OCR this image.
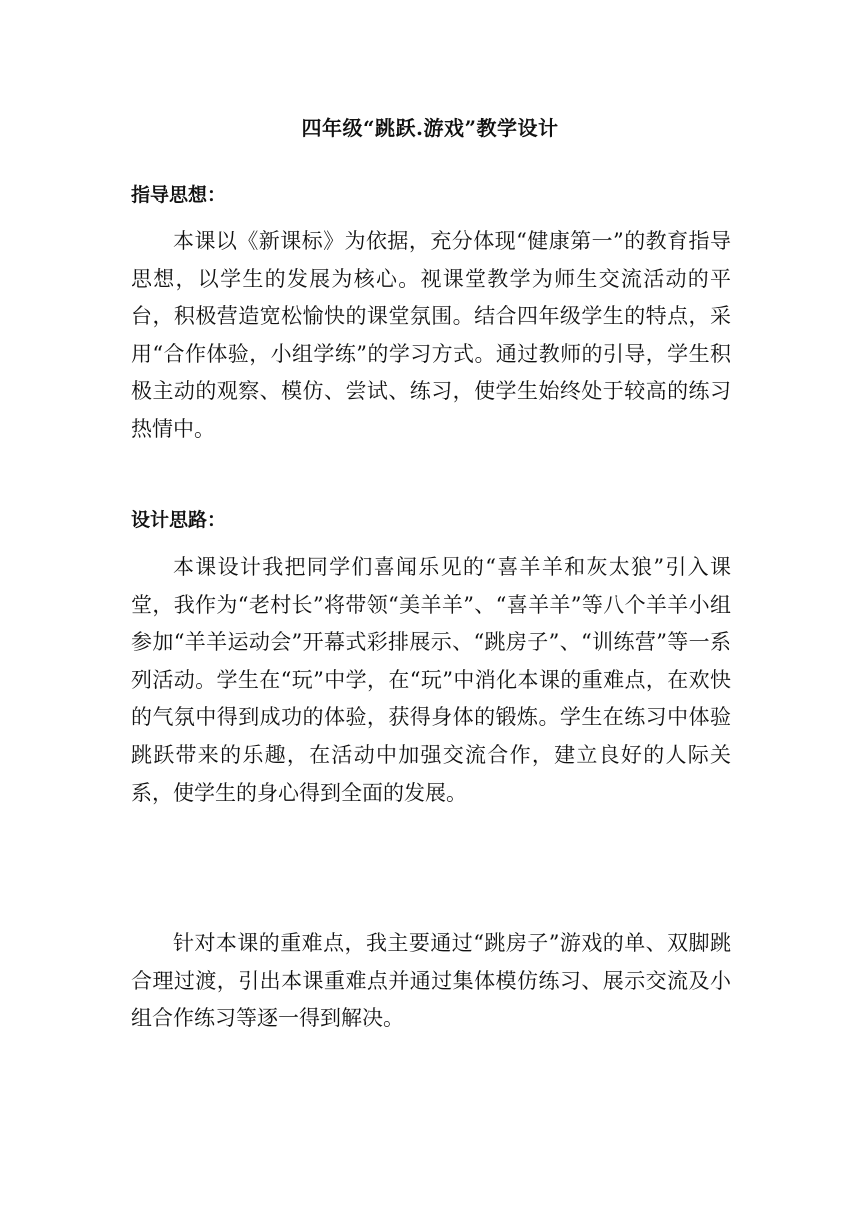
四年级“跳跃.游戏”教学设计
指导思想：

本课以《新课标》为依据，充分体现“健康第一”的教育指导思想，以学生的发展为核心。视课堂教学为师生交流活动的平台，积极营造宽松愉快的课堂氛围。结合四年级学生的特点，采用“合作体验，小组学练”的学习方式。通过教师的引导，学生积极主动的观察、模仿、尝试、练习，使学生始终处于较高的练习热情中。

设计思路：

本课设计我把同学们喜闻乐见的“喜羊羊和灰太狼”引入课堂，我作为“老村长”将带领“美羊羊”、“喜羊羊”等八个羊羊小组参加“羊羊运动会”开幕式彩排展示、“跳房子”、“训练营”等一系列活动。学生在“玩”中学，在“玩”中消化本课的重难点，在欢快的气氛中得到成功的体验，获得身体的锻炼。学生在练习中体验跳跃带来的乐趣，在活动中加强交流合作，建立良好的人际关系，使学生的身心得到全面的发展。

针对本课的重难点，我主要通过“跳房子”游戏的单、双脚跳合理过渡，引出本课重难点并通过集体模仿练习、展示交流及小组合作练习等逐一得到解决。
